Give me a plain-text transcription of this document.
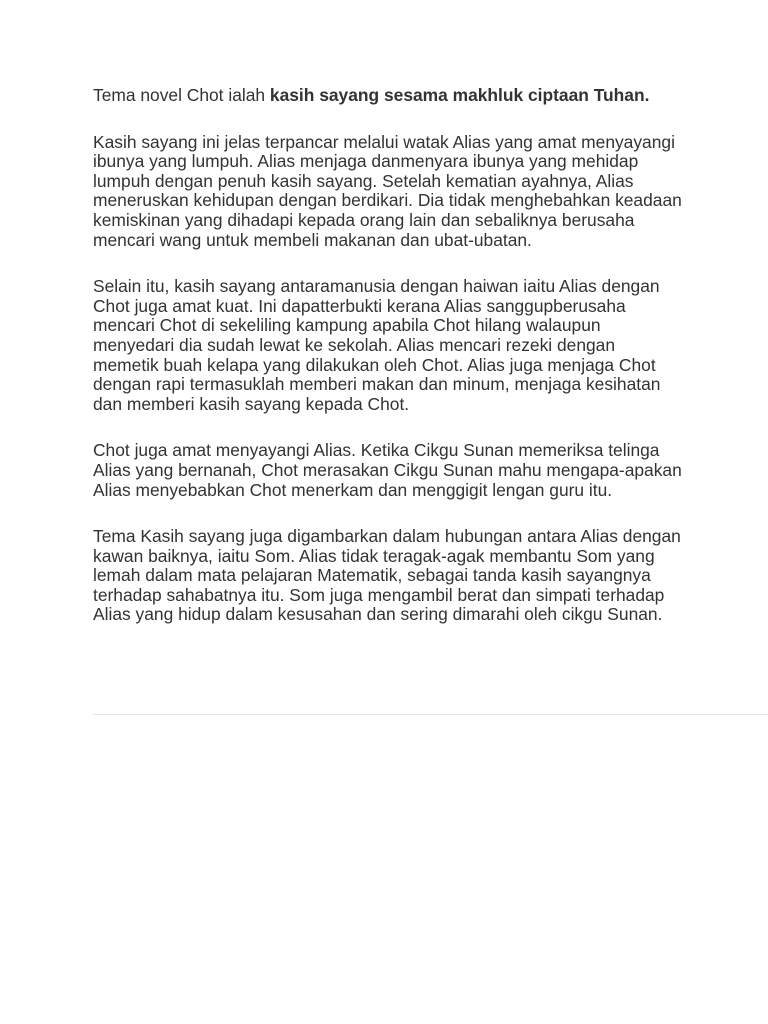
Tema novel Chot ialah kasih sayang sesama makhluk ciptaan Tuhan.

Kasih sayang ini jelas terpancar melalui watak Alias yang amat menyayangi ibunya yang lumpuh. Alias menjaga danmenyara ibunya yang mehidap lumpuh dengan penuh kasih sayang. Setelah kematian ayahnya, Alias meneruskan kehidupan dengan berdikari. Dia tidak menghebahkan keadaan kemiskinan yang dihadapi kepada orang lain dan sebaliknya berusaha mencari wang untuk membeli makanan dan ubat-ubatan.

Selain itu, kasih sayang antaramanusia dengan haiwan iaitu Alias dengan Chot juga amat kuat. Ini dapatterbukti kerana Alias sanggupberusaha mencari Chot di sekeliling kampung apabila Chot hilang walaupun menyedari dia sudah lewat ke sekolah. Alias mencari rezeki dengan memetik buah kelapa yang dilakukan oleh Chot. Alias juga menjaga Chot dengan rapi termasuklah memberi makan dan minum, menjaga kesihatan dan memberi kasih sayang kepada Chot.

Chot juga amat menyayangi Alias. Ketika Cikgu Sunan memeriksa telinga Alias yang bernanah, Chot merasakan Cikgu Sunan mahu mengapa-apakan Alias menyebabkan Chot menerkam dan menggigit lengan guru itu.

Tema Kasih sayang juga digambarkan dalam hubungan antara Alias dengan kawan baiknya, iaitu Som. Alias tidak teragak-agak membantu Som yang lemah dalam mata pelajaran Matematik, sebagai tanda kasih sayangnya terhadap sahabatnya itu. Som juga mengambil berat dan simpati terhadap Alias yang hidup dalam kesusahan dan sering dimarahi oleh cikgu Sunan.
